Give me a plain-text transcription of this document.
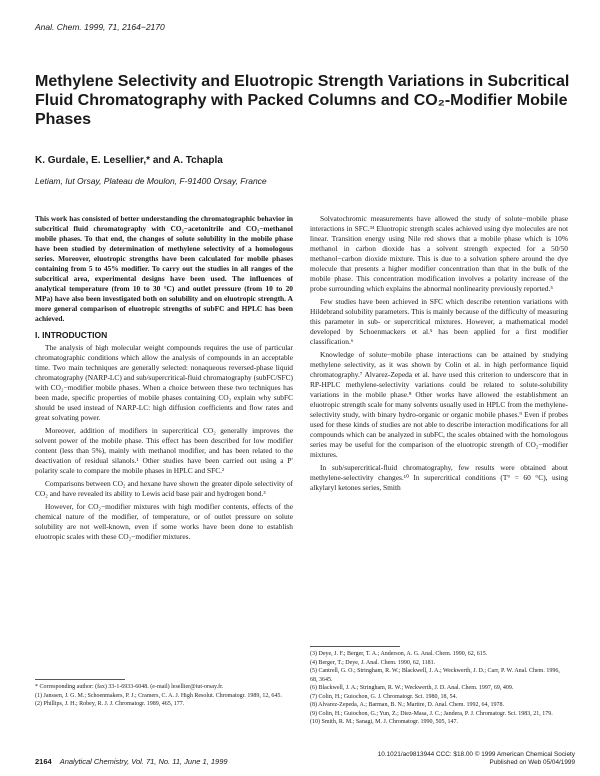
Anal. Chem. 1999, 71, 2164−2170
Methylene Selectivity and Eluotropic Strength Variations in Subcritical Fluid Chromatography with Packed Columns and CO₂-Modifier Mobile Phases
K. Gurdale, E. Lesellier,* and A. Tchapla
Letiam, Iut Orsay, Plateau de Moulon, F-91400 Orsay, France

This work has consisted of better understanding the chromatographic behavior in subcritical fluid chromatography with CO₂−acetonitrile and CO₂−methanol mobile phases. To that end, the changes of solute solubility in the mobile phase have been studied by determination of methylene selectivity of a homologous series. Moreover, eluotropic strengths have been calculated for mobile phases containing from 5 to 45% modifier. To carry out the studies in all ranges of the subcritical area, experimental designs have been used. The influences of analytical temperature (from 10 to 30 °C) and outlet pressure (from 10 to 20 MPa) have also been investigated both on solubility and on eluotropic strength. A more general comparison of eluotropic strengths of subFC and HPLC has been achieved.

I. INTRODUCTION

The analysis of high molecular weight compounds requires the use of particular chromatographic conditions which allow the analysis of compounds in an acceptable time. Two main techniques are generally selected: nonaqueous reversed-phase liquid chromatography (NARP-LC) and sub/supercritical-fluid chromatography (subFC/SFC) with CO₂−modifier mobile phases. When a choice between these two techniques has been made, specific properties of mobile phases containing CO₂ explain why subFC should be used instead of NARP-LC: high diffusion coefficients and flow rates and great solvating power.

Moreover, addition of modifiers in supercritical CO₂ generally improves the solvent power of the mobile phase. This effect has been described for low modifier content (less than 5%), mainly with methanol modifier, and has been related to the deactivation of residual silanols.¹ Other studies have been carried out using a P′ polarity scale to compare the mobile phases in HPLC and SFC.²

Comparisons between CO₂ and hexane have shown the greater dipole selectivity of CO₂ and have revealed its ability to Lewis acid base pair and hydrogen bond.³

However, for CO₂−modifier mixtures with high modifier contents, effects of the chemical nature of the modifier, of temperature, or of outlet pressure on solute solubility are not well-known, even if some works have been done to establish eluotropic scales with these CO₂−modifier mixtures.

Solvatochromic measurements have allowed the study of solute−mobile phase interactions in SFC.³⁴ Eluotropic strength scales achieved using dye molecules are not linear. Transition energy using Nile red shows that a mobile phase which is 10% methanol in carbon dioxide has a solvent strength expected for a 50/50 methanol−carbon dioxide mixture. This is due to a solvation sphere around the dye molecule that presents a higher modifier concentration than that in the bulk of the mobile phase. This concentration modification involves a polarity increase of the probe surrounding which explains the abnormal nonlinearity previously reported.⁵

Few studies have been achieved in SFC which describe retention variations with Hildebrand solubility parameters. This is mainly because of the difficulty of measuring this parameter in sub- or supercritical mixtures. However, a mathematical model developed by Schoenmackers et al.⁵ has been applied for a first modifier classification.⁶

Knowledge of solute−mobile phase interactions can be attained by studying methylene selectivity, as it was shown by Colin et al. in high performance liquid chromatography.⁷ Alvarez-Zepeda et al. have used this criterion to underscore that in RP-HPLC methylene-selectivity variations could be related to solute-solubility variations in the mobile phase.⁸ Other works have allowed the establishment an eluotropic strength scale for many solvents usually used in HPLC from the methylene-selectivity study, with binary hydro-organic or organic mobile phases.⁹ Even if probes used for these kinds of studies are not able to describe interaction modifications for all compounds which can be analyzed in subFC, the scales obtained with the homologous series may be useful for the comparison of the eluotropic strength of CO₂−modifier mixtures.

In sub/supercritical-fluid chromatography, few results were obtained about methylene-selectivity changes.¹⁰ In supercritical conditions (T° = 60 °C), using alkylaryl ketones series, Smith

* Corresponding author: (fax) 33-1-6933-6048. (e-mail) lesellier@iut-orsay.fr.
(1) Janssen, J. G. M.; Schoenmakers, P. J.; Cramers, C. A. J. High Resolut. Chromatogr. 1989, 12, 645.
(2) Phillips, J. H.; Robey, R. J. J. Chromatogr. 1989, 465, 177.
(3) Deye, J. F.; Berger, T. A.; Anderson, A. G. Anal. Chem. 1990, 62, 615.
(4) Berger, T.; Deye, J. Anal. Chem. 1990, 62, 1181.
(5) Cantrell, G. O.; Stringham, R. W.; Blackwell, J. A.; Weckwerth, J. D.; Carr, P. W. Anal. Chem. 1996, 68, 3645.
(6) Blackwell, J. A.; Stringham, R. W.; Weckwerth, J. D. Anal. Chem. 1997, 69, 409.
(7) Colin, H.; Guiochon, G. J. Chromatogr. Sci. 1980, 18, 54.
(8) Alvarez-Zepeda, A.; Barman, B. N.; Martire, D. Anal. Chem. 1992, 64, 1978.
(9) Colin, H.; Guiochon, G.; Yun, Z.; Diez-Masa, J. C.; Jandera, P. J. Chromatogr. Sci. 1983, 21, 179.
(10) Smith, R. M.; Sanagi, M. J. Chromatogr. 1990, 505, 147.
2164 Analytical Chemistry, Vol. 71, No. 11, June 1, 1999
10.1021/ac9813944 CCC: $18.00 © 1999 American Chemical Society
Published on Web 05/04/1999
